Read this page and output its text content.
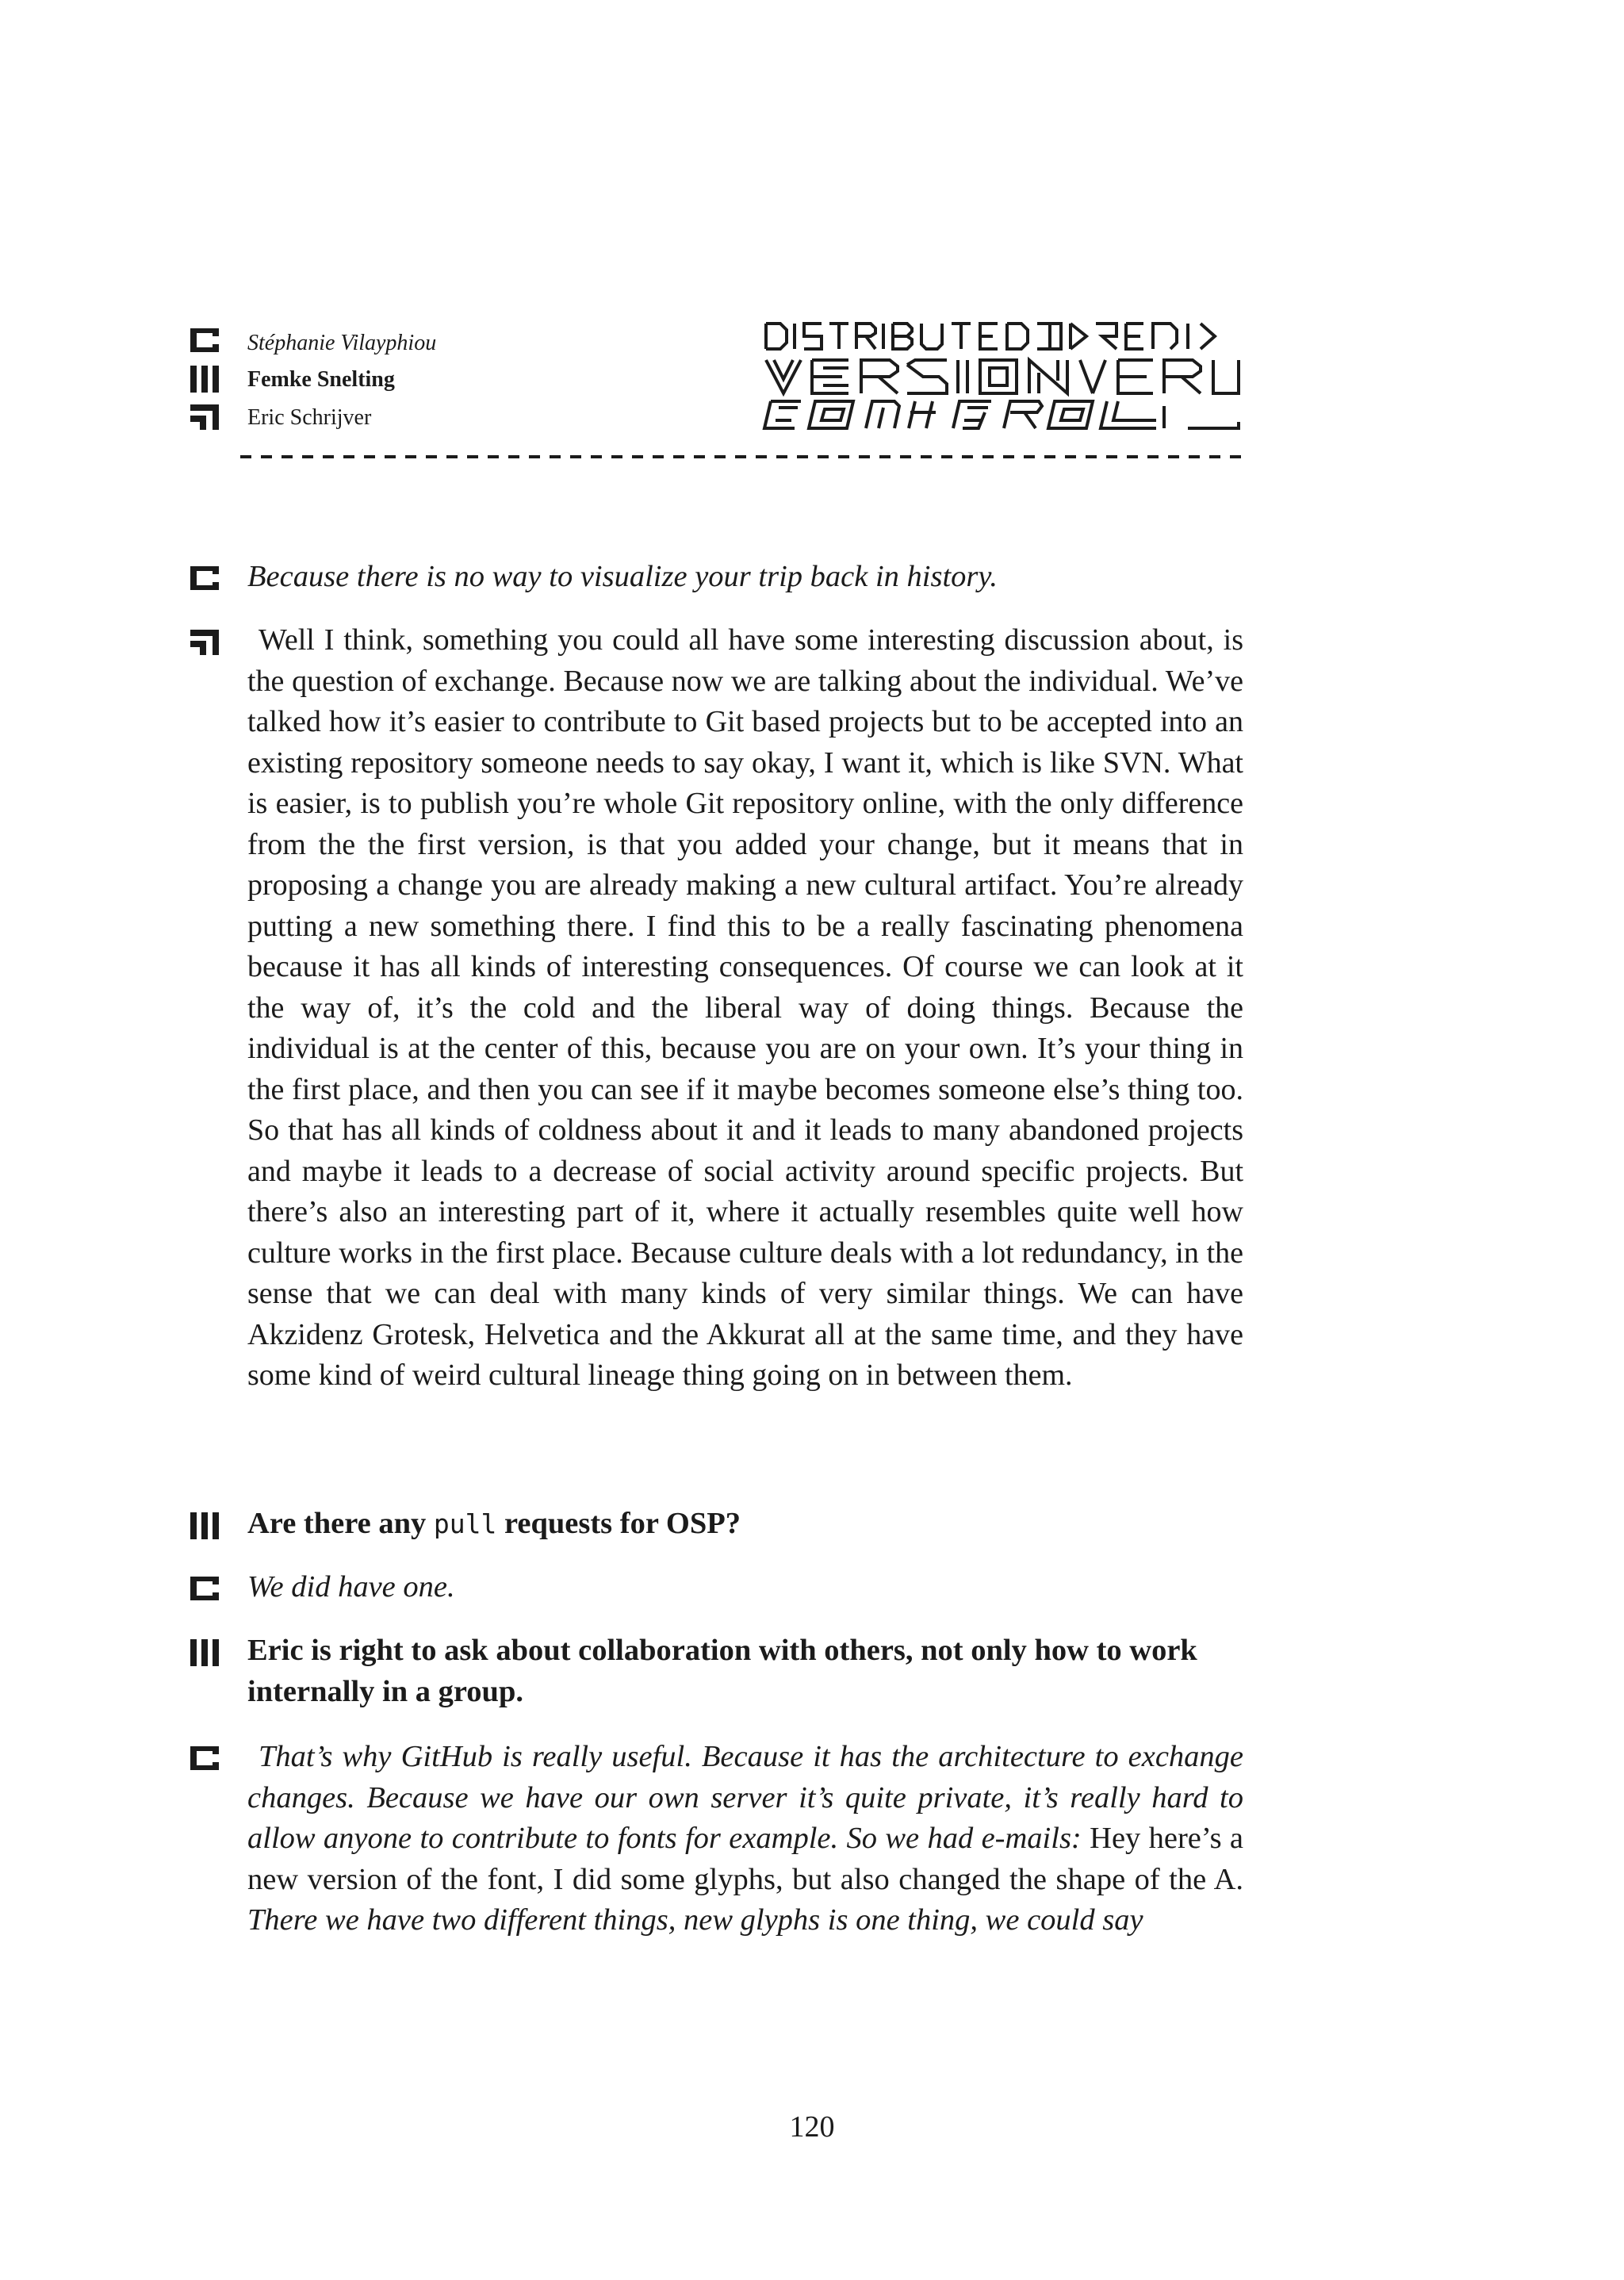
Stéphanie Vilayphiou
Femke Snelting
Eric Schrijver
Because there is no way to visualize your trip back in history.
Well I think, something you could all have some interesting discussion about, is the question of exchange. Because now we are talking about the individual. We’ve talked how it’s easier to contribute to Git based projects but to be accepted into an existing repository someone needs to say okay, I want it, which is like SVN. What is easier, is to publish you’re whole Git repository online, with the only difference from the the first version, is that you added your change, but it means that in proposing a change you are already making a new cultural artifact. You’re already putting a new something there. I find this to be a really fascinating phenomena because it has all kinds of interesting consequences. Of course we can look at it the way of, it’s the cold and the liberal way of doing things. Because the individual is at the center of this, because you are on your own. It’s your thing in the first place, and then you can see if it maybe becomes someone else’s thing too. So that has all kinds of coldness about it and it leads to many abandoned projects and maybe it leads to a decrease of social activity around specific projects. But there’s also an interesting part of it, where it actually resembles quite well how culture works in the first place. Because culture deals with a lot redundancy, in the sense that we can deal with many kinds of very similar things. We can have Akzidenz Grotesk, Helvetica and the Akkurat all at the same time, and they have some kind of weird cultural lineage thing going on in between them.
Are there any pull requests for OSP?
We did have one.
Eric is right to ask about collaboration with others, not only how to work internally in a group.
That’s why GitHub is really useful. Because it has the architecture to exchange changes. Because we have our own server it’s quite private, it’s really hard to allow anyone to contribute to fonts for example. So we had e-mails: Hey here’s a new version of the font, I did some glyphs, but also changed the shape of the A. There we have two different things, new glyphs is one thing, we could say
120
